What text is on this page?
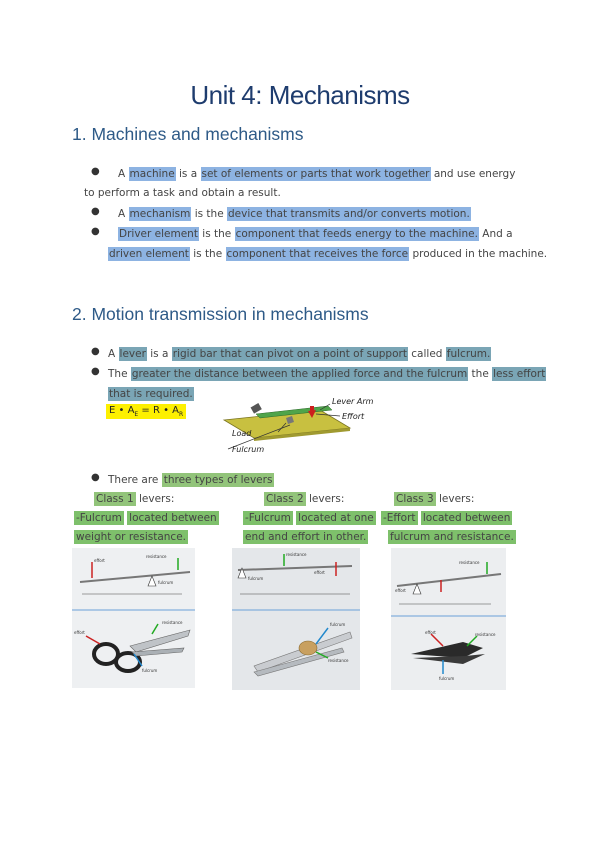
Unit 4: Mechanisms
1. Machines and mechanisms
● A machine is a set of elements or parts that work together and use energy
to perform a task and obtain a result.
● A mechanism is the device that transmits and/or converts motion.
● Driver element is the component that feeds energy to the machine. And a
driven element is the component that receives the force produced in the machine.
2. Motion transmission in mechanisms
● A lever is a rigid bar that can pivot on a point of support called fulcrum.
● The greater the distance between the applied force and the fulcrum the less effort
that is required.
E • $A_E = R$ • $A_R$
Lever Arm
Effort
Load
Fulcrum
● There are three types of levers
Class 1 levers:
-Fulcrum located between
weight or resistance.
Class 2 levers:
-Fulcrum located at one
end and effort in other.
Class 3 levers:
-Effort located between
fulcrum and resistance.
effort
resistance
fulcrum
effort
resistance
fulcrum
resistance
fulcrum
effort
fulcrum
resistance
resistance
effort
effort	resistance
fulcrum
